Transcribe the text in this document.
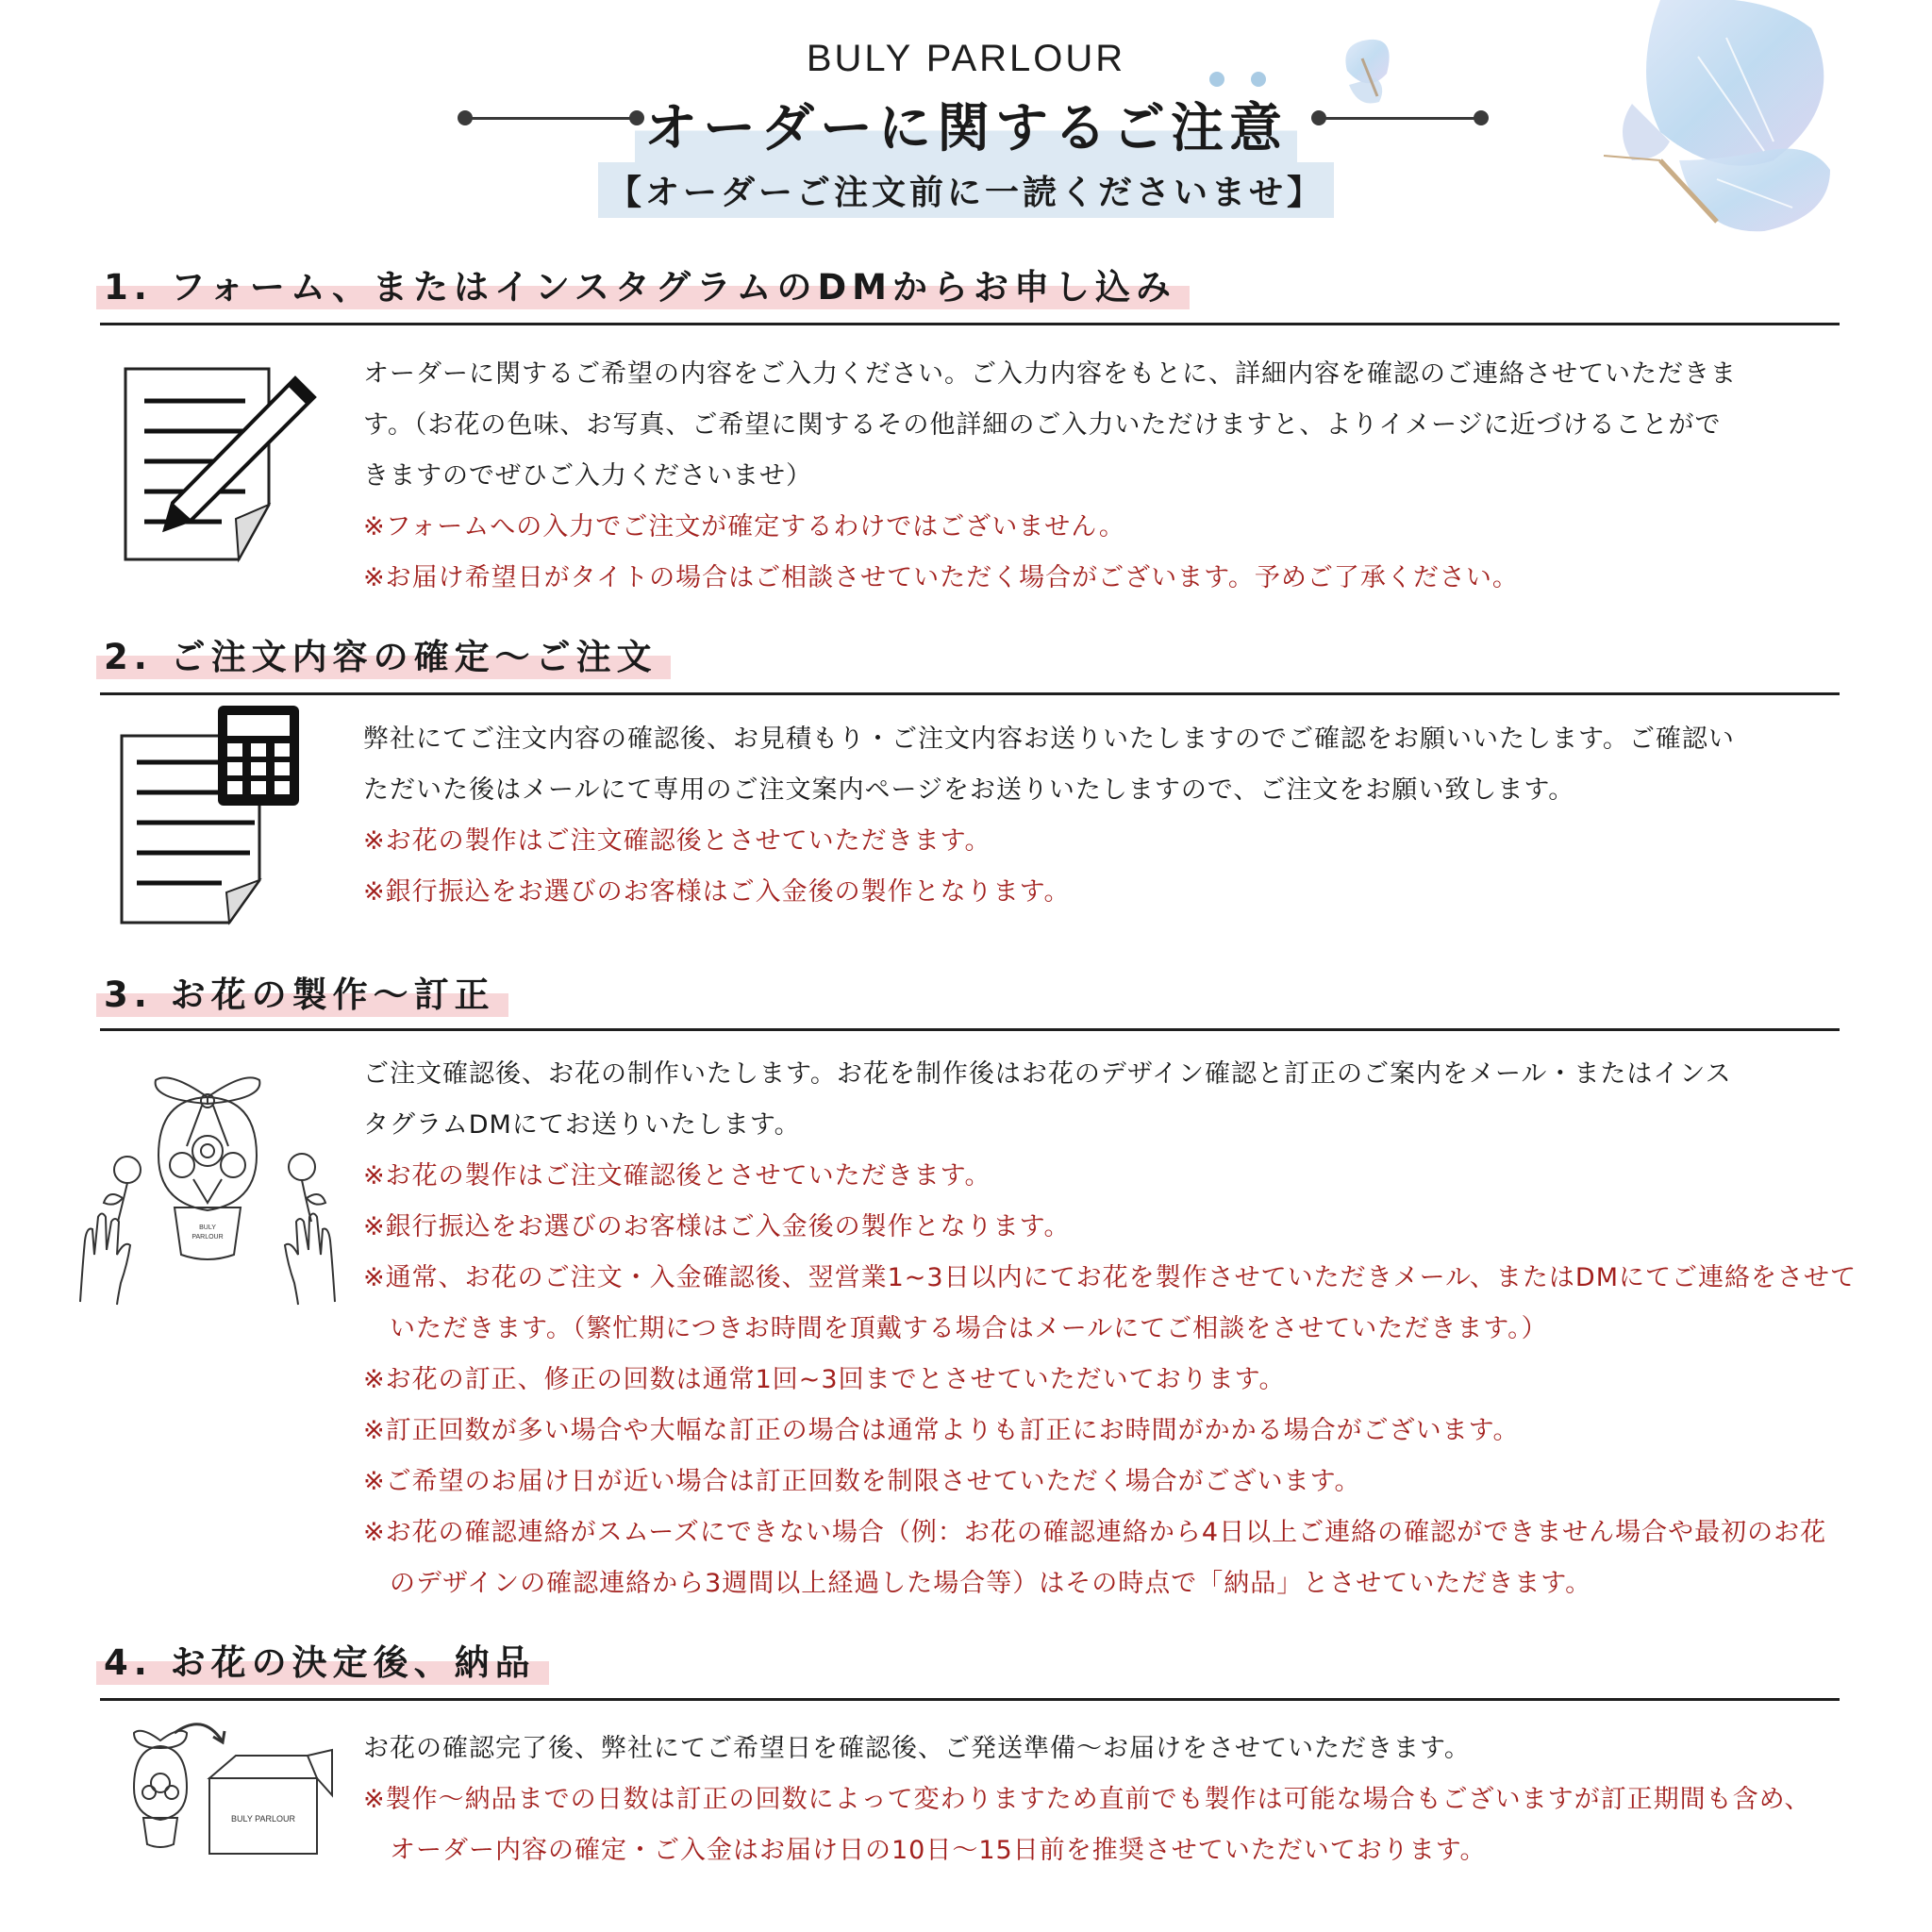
BULY PARLOUR
オーダーに関するご注意
【オーダーご注文前に一読くださいませ】
1. フォーム、またはインスタグラムのDMからお申し込み
オーダーに関するご希望の内容をご入力ください。ご入力内容をもとに、詳細内容を確認のご連絡させていただきま
す。（お花の色味、お写真、ご希望に関するその他詳細のご入力いただけますと、よりイメージに近づけることがで
きますのでぜひご入力くださいませ）
※フォームへの入力でご注文が確定するわけではございません。
※お届け希望日がタイトの場合はご相談させていただく場合がございます。予めご了承ください。
2. ご注文内容の確定～ご注文
弊社にてご注文内容の確認後、お見積もり・ご注文内容お送りいたしますのでご確認をお願いいたします。ご確認い
ただいた後はメールにて専用のご注文案内ページをお送りいたしますので、ご注文をお願い致します。
※お花の製作はご注文確認後とさせていただきます。
※銀行振込をお選びのお客様はご入金後の製作となります。
3. お花の製作～訂正
BULY
PARLOUR
ご注文確認後、お花の制作いたします。お花を制作後はお花のデザイン確認と訂正のご案内をメール・またはインス
タグラムDMにてお送りいたします。
※お花の製作はご注文確認後とさせていただきます。
※銀行振込をお選びのお客様はご入金後の製作となります。
※通常、お花のご注文・入金確認後、翌営業1~3日以内にてお花を製作させていただきメール、またはDMにてご連絡をさせて
いただきます。（繁忙期につきお時間を頂戴する場合はメールにてご相談をさせていただきます。）
※お花の訂正、修正の回数は通常1回~3回までとさせていただいております。
※訂正回数が多い場合や大幅な訂正の場合は通常よりも訂正にお時間がかかる場合がございます。
※ご希望のお届け日が近い場合は訂正回数を制限させていただく場合がございます。
※お花の確認連絡がスムーズにできない場合（例：お花の確認連絡から4日以上ご連絡の確認ができません場合や最初のお花
のデザインの確認連絡から3週間以上経過した場合等）はその時点で「納品」とさせていただきます。
4. お花の決定後、納品
BULY PARLOUR
お花の確認完了後、弊社にてご希望日を確認後、ご発送準備～お届けをさせていただきます。
※製作～納品までの日数は訂正の回数によって変わりますため直前でも製作は可能な場合もございますが訂正期間も含め、
オーダー内容の確定・ご入金はお届け日の10日～15日前を推奨させていただいております。
